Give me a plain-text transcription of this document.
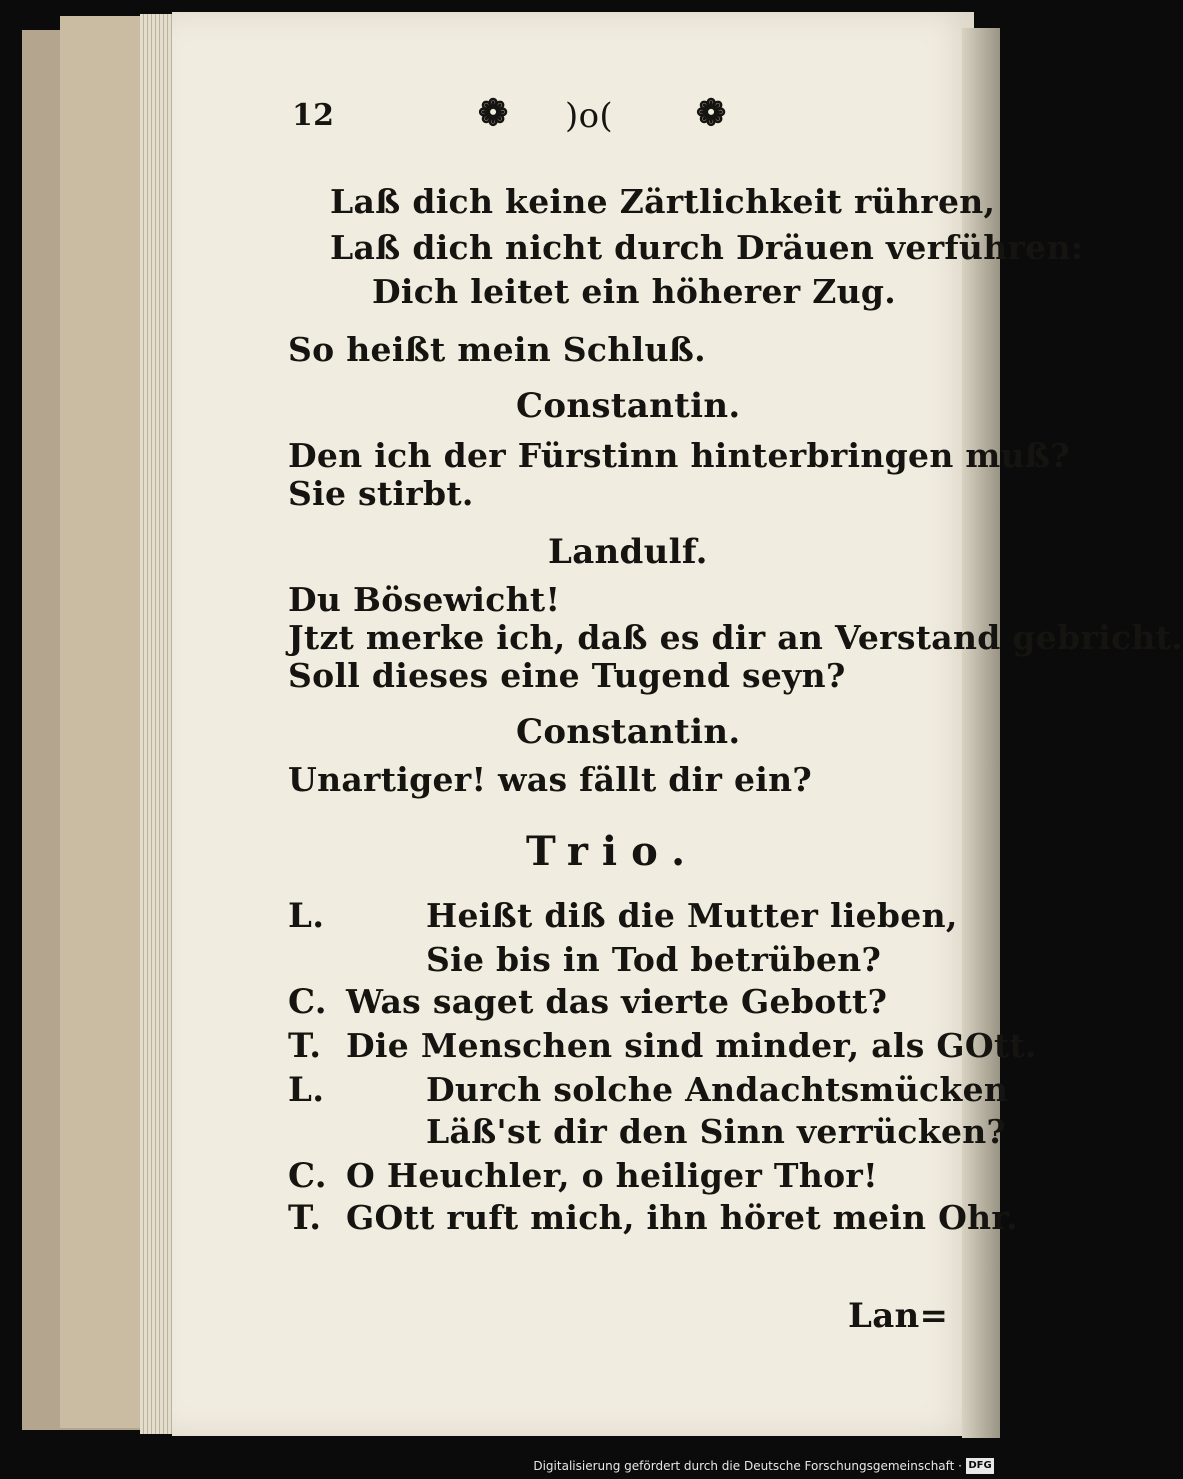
12	❁ )o( ❁
Laß dich keine Zärtlichkeit rühren,
Laß dich nicht durch Dräuen verführen:
Dich leitet ein höherer Zug.
So heißt mein Schluß.
Constantin.
Den ich der Fürstinn hinterbringen muß?
Sie stirbt.
Landulf.
Du Bösewicht!
Jtzt merke ich, daß es dir an Verstand gebricht.
Soll dieses eine Tugend seyn?
Constantin.
Unartiger! was fällt dir ein?
Trio.
L.	Heißt diß die Mutter lieben,
Sie bis in Tod betrüben?
C. Was saget das vierte Gebott?
T. Die Menschen sind minder, als GOtt.
L.	Durch solche Andachtsmücken
Läß'st dir den Sinn verrücken?
C. O Heuchler, o heiliger Thor!
T. GOtt ruft mich, ihn höret mein Ohr.
Lan=
Digitalisierung gefördert durch die Deutsche Forschungsgemeinschaft · DFG
